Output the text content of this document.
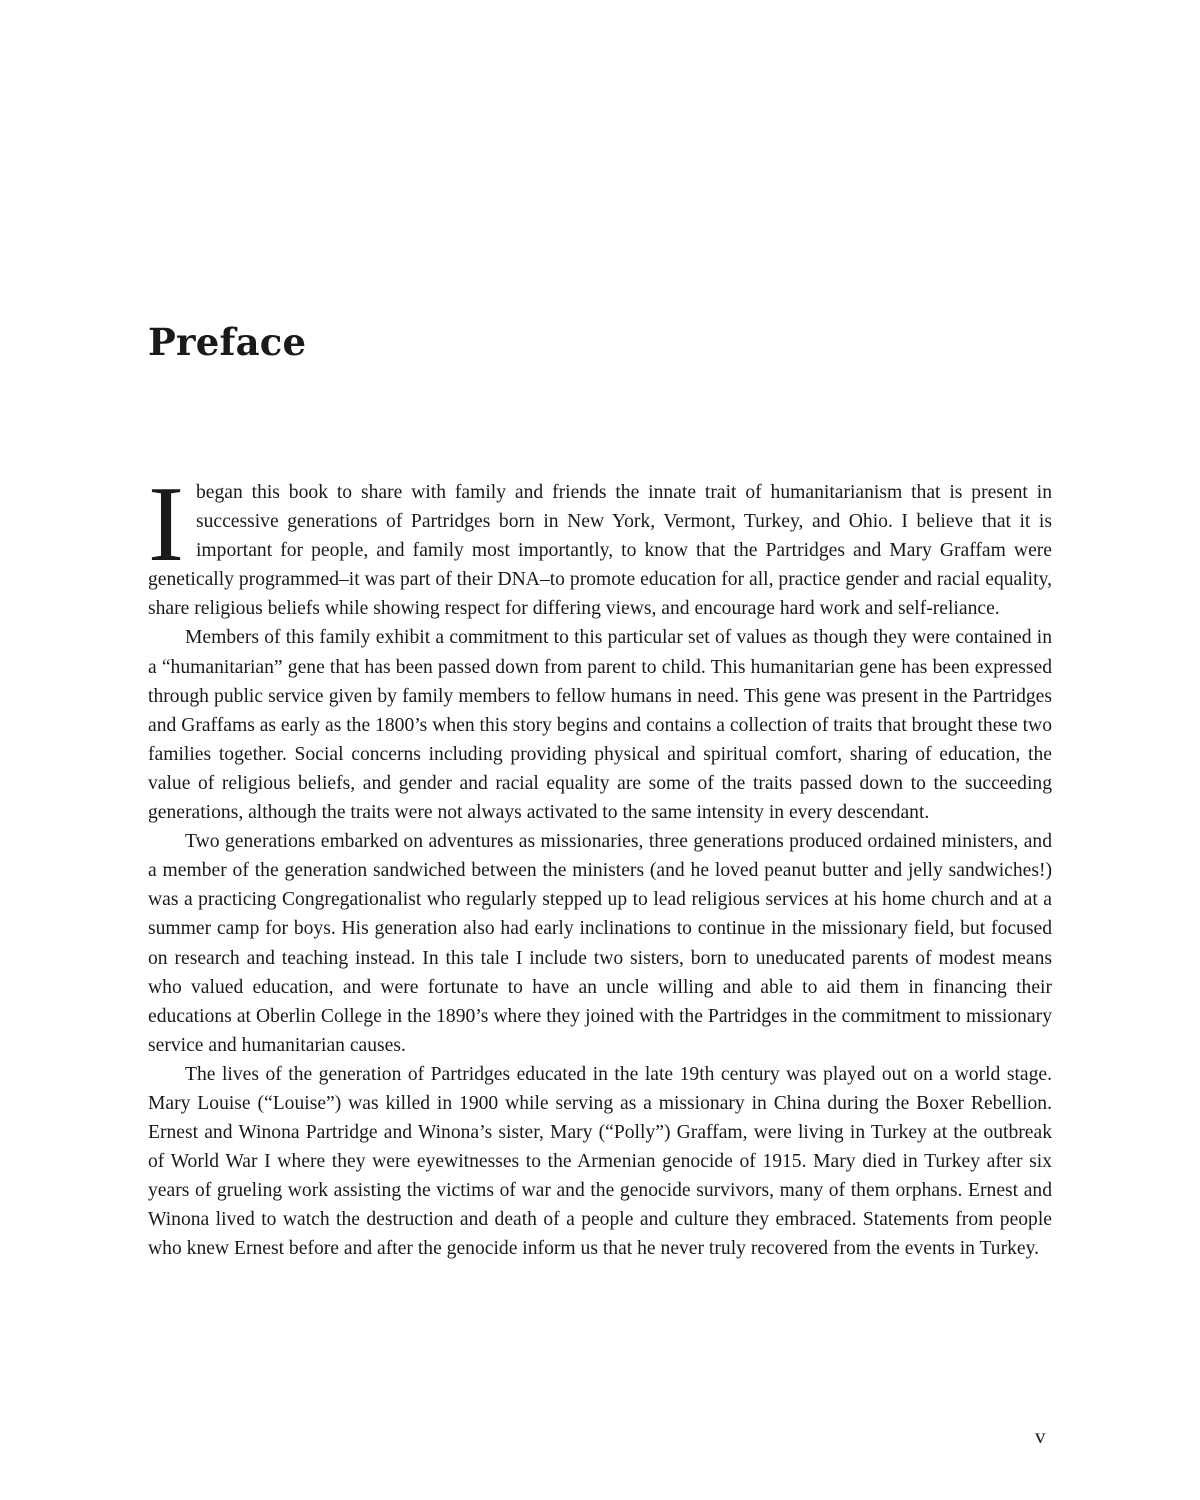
Preface

I began this book to share with family and friends the innate trait of humanitarianism that is present in successive generations of Partridges born in New York, Vermont, Turkey, and Ohio. I believe that it is important for people, and family most importantly, to know that the Partridges and Mary Graffam were genetically programmed–it was part of their DNA–to promote education for all, practice gender and racial equality, share religious beliefs while showing respect for differing views, and encourage hard work and self-reliance.

Members of this family exhibit a commitment to this particular set of values as though they were contained in a “humanitarian” gene that has been passed down from parent to child. This humanitarian gene has been expressed through public service given by family members to fellow humans in need. This gene was present in the Partridges and Graffams as early as the 1800’s when this story begins and contains a collection of traits that brought these two families together. Social concerns including providing physical and spiritual comfort, sharing of education, the value of religious beliefs, and gender and racial equality are some of the traits passed down to the succeeding generations, although the traits were not always activated to the same intensity in every descendant.

Two generations embarked on adventures as missionaries, three generations produced ordained ministers, and a member of the generation sandwiched between the ministers (and he loved peanut butter and jelly sandwiches!) was a practicing Congregationalist who regularly stepped up to lead religious services at his home church and at a summer camp for boys. His generation also had early inclinations to continue in the missionary field, but focused on research and teaching instead. In this tale I include two sisters, born to uneducated parents of modest means who valued education, and were fortunate to have an uncle willing and able to aid them in financing their educations at Oberlin College in the 1890’s where they joined with the Partridges in the commitment to missionary service and humanitarian causes.

The lives of the generation of Partridges educated in the late 19th century was played out on a world stage. Mary Louise (“Louise”) was killed in 1900 while serving as a missionary in China during the Boxer Rebellion. Ernest and Winona Partridge and Winona’s sister, Mary (“Polly”) Graffam, were living in Turkey at the outbreak of World War I where they were eyewitnesses to the Armenian genocide of 1915. Mary died in Turkey after six years of grueling work assisting the victims of war and the genocide survivors, many of them orphans. Ernest and Winona lived to watch the destruction and death of a people and culture they embraced. Statements from people who knew Ernest before and after the genocide inform us that he never truly recovered from the events in Turkey.

v
